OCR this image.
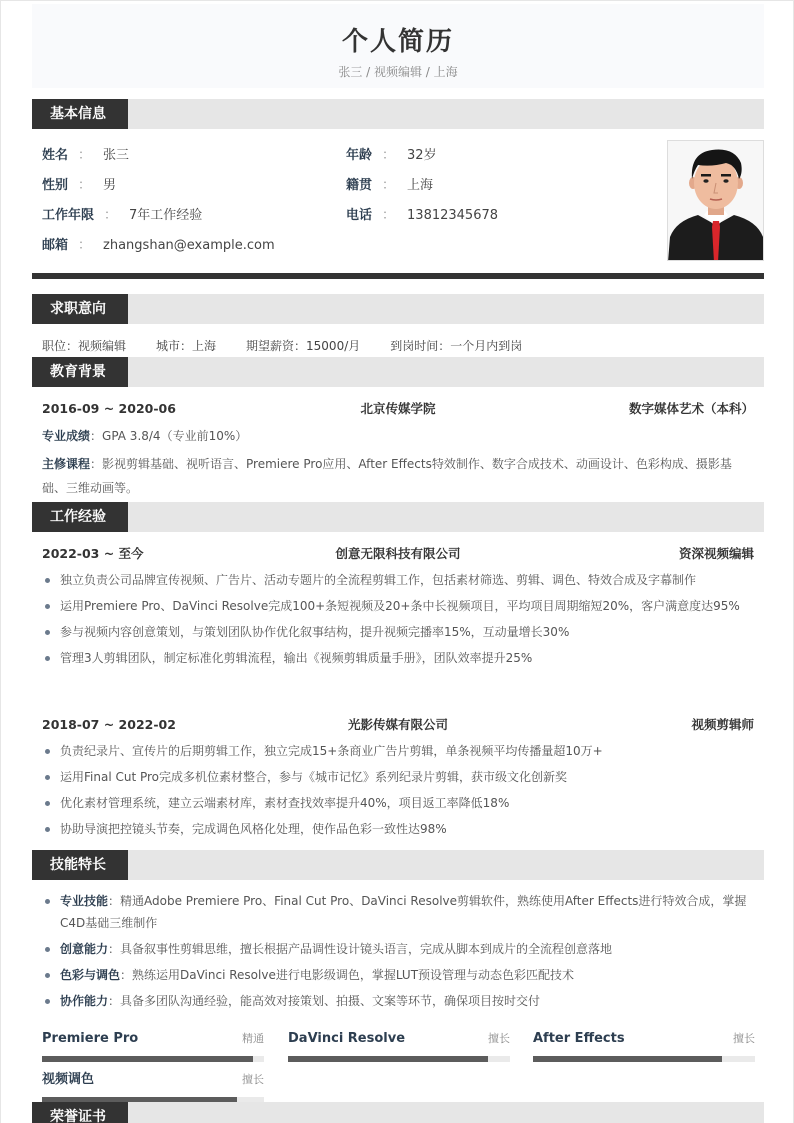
个人简历
张三 / 视频编辑 / 上海
基本信息
姓名 ： 张三	年龄 ： 32岁
性别 ： 男	籍贯 ： 上海
工作年限 ： 7年工作经验	电话 ： 13812345678
邮箱 ： zhangshan@example.com
求职意向
职位：视频编辑	城市：上海	期望薪资：15000/月	到岗时间：一个月内到岗
教育背景
2016-09 ~ 2020-06	北京传媒学院	数字媒体艺术（本科）
专业成绩：GPA 3.8/4（专业前10%）
主修课程：影视剪辑基础、视听语言、Premiere Pro应用、After Effects特效制作、数字合成技术、动画设计、色彩构成、摄影基础、三维动画等。
工作经验
2022-03 ~ 至今	创意无限科技有限公司	资深视频编辑
独立负责公司品牌宣传视频、广告片、活动专题片的全流程剪辑工作，包括素材筛选、剪辑、调色、特效合成及字幕制作
运用Premiere Pro、DaVinci Resolve完成100+条短视频及20+条中长视频项目，平均项目周期缩短20%，客户满意度达95%
参与视频内容创意策划，与策划团队协作优化叙事结构，提升视频完播率15%，互动量增长30%
管理3人剪辑团队，制定标准化剪辑流程，输出《视频剪辑质量手册》，团队效率提升25%
2018-07 ~ 2022-02	光影传媒有限公司	视频剪辑师
负责纪录片、宣传片的后期剪辑工作，独立完成15+条商业广告片剪辑，单条视频平均传播量超10万+
运用Final Cut Pro完成多机位素材整合，参与《城市记忆》系列纪录片剪辑，获市级文化创新奖
优化素材管理系统，建立云端素材库，素材查找效率提升40%，项目返工率降低18%
协助导演把控镜头节奏，完成调色风格化处理，使作品色彩一致性达98%
技能特长
专业技能：精通Adobe Premiere Pro、Final Cut Pro、DaVinci Resolve剪辑软件，熟练使用After Effects进行特效合成，掌握C4D基础三维制作
创意能力：具备叙事性剪辑思维，擅长根据产品调性设计镜头语言，完成从脚本到成片的全流程创意落地
色彩与调色：熟练运用DaVinci Resolve进行电影级调色，掌握LUT预设管理与动态色彩匹配技术
协作能力：具备多团队沟通经验，能高效对接策划、拍摄、文案等环节，确保项目按时交付
Premiere Pro	精通 DaVinci Resolve	擅长 After Effects	擅长
视频调色	擅长
荣誉证书
